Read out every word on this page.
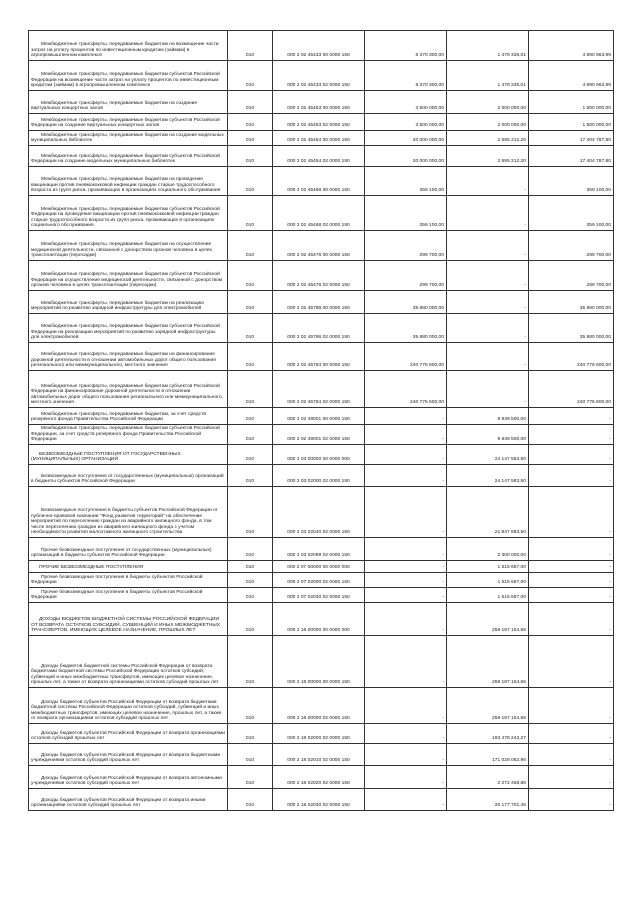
Межбюджетные трансферты, передаваемые бюджетам на возмещение части затрат на уплату процентов по инвестиционным кредитам (займам) в агропромышленном комплексе	010	000 2 02 45433 00 0000 150	6 370 300,00	1 479 336,01	4 890 963,99
Межбюджетные трансферты, передаваемые бюджетам субъектов Российской Федерации на возмещение части затрат на уплату процентов по инвестиционным кредитам (займам) в агропромышленном комплексе	010	000 2 02 45433 02 0000 150	6 370 300,00	1 479 336,01	4 890 963,99
Межбюджетные трансферты, передаваемые бюджетам на создание виртуальных концертных залов	010	000 2 02 45453 00 0000 150	3 500 000,00	2 000 000,00	1 500 000,00
Межбюджетные трансферты, передаваемые бюджетам субъектов Российской Федерации на создание виртуальных концертных залов	010	000 2 02 45453 02 0000 150	3 500 000,00	2 000 000,00	1 500 000,00
Межбюджетные трансферты, передаваемые бюджетам на создание модельных муниципальных библиотек	010	000 2 02 45454 00 0000 150	20 000 000,00	2 595 212,20	17 404 787,80
Межбюджетные трансферты, передаваемые бюджетам субъектов Российской Федерации на создание модельных муниципальных библиотек	010	000 2 02 45454 02 0000 150	20 000 000,00	2 595 212,20	17 404 787,80
Межбюджетные трансферты, передаваемые бюджетам на проведение вакцинации против пневмококковой инфекции граждан старше трудоспособного возраста из групп риска, проживающих в организациях социального обслуживания	010	000 2 02 45468 00 0000 150	359 100,00	-	359 100,00
Межбюджетные трансферты, передаваемые бюджетам субъектов Российской Федерации на проведение вакцинации против пневмококковой инфекции граждан старше трудоспособного возраста из групп риска, проживающих в организациях социального обслуживания	010	000 2 02 45468 02 0000 150	359 100,00	-	359 100,00
Межбюджетные трансферты, передаваемые бюджетам на осуществление медицинской деятельности, связанной с донорством органов человека в целях трансплантации (пересадки)	010	000 2 02 45476 00 0000 150	299 700,00	-	299 700,00
Межбюджетные трансферты, передаваемые бюджетам субъектов Российской Федерации на осуществление медицинской деятельности, связанной с донорством органов человека в целях трансплантации (пересадки)	010	000 2 02 45476 02 0000 150	299 700,00	-	299 700,00
Межбюджетные трансферты, передаваемые бюджетам на реализацию мероприятий по развитию зарядной инфраструктуры для электромобилей	010	000 2 02 45786 00 0000 150	35 880 000,00	-	35 880 000,00
Межбюджетные трансферты, передаваемые бюджетам субъектов Российской Федерации на реализацию мероприятий по развитию зарядной инфраструктуры для электромобилей	010	000 2 02 45786 02 0000 150	35 880 000,00	-	35 880 000,00
Межбюджетные трансферты, передаваемые бюджетам на финансирование дорожной деятельности в отношении автомобильных дорог общего пользования регионального или межмуниципального, местного значения	010	000 2 02 45784 00 0000 150	240 776 600,00	-	240 776 600,00
Межбюджетные трансферты, передаваемые бюджетам субъектов Российской Федерации на финансирование дорожной деятельности в отношении автомобильных дорог общего пользования регионального или межмуниципального, местного значения	010	000 2 02 45784 02 0000 150	240 776 600,00	-	240 776 600,00
Межбюджетные трансферты, передаваемые бюджетам, за счет средств резервного фонда Правительства Российской Федерации	010	000 2 02 49001 00 0000 150	-	9 849 500,00	-
Межбюджетные трансферты, передаваемые бюджетам субъектов Российской Федерации, за счет средств резервного фонда Правительства Российской Федерации	010	000 2 02 49001 02 0000 150	-	9 849 500,00	-
БЕЗВОЗМЕЗДНЫЕ ПОСТУПЛЕНИЯ ОТ ГОСУДАРСТВЕННЫХ (МУНИЦИПАЛЬНЫХ) ОРГАНИЗАЦИЙ	010	000 2 03 00000 00 0000 000	-	24 147 583,50	-
Безвозмездные поступления от государственных (муниципальных) организаций в бюджеты субъектов Российской Федерации	010	000 2 03 02000 02 0000 150	-	24 147 583,50	-
Безвозмездные поступления в бюджеты субъектов Российской Федерации от публично-правовой компании "Фонд развития территорий" на обеспечение мероприятий по переселению граждан из аварийного жилищного фонда, в том числе переселению граждан из аварийного жилищного фонда с учетом необходимости развития малоэтажного жилищного строительства	010	000 2 03 02040 02 0000 150	-	21 847 583,50	-
Прочие безвозмездные поступления от государственных (муниципальных) организаций в бюджеты субъектов Российской Федерации	010	000 2 03 02099 02 0000 150	-	2 300 000,00	-
ПРОЧИЕ БЕЗВОЗМЕЗДНЫЕ ПОСТУПЛЕНИЯ	010	000 2 07 00000 00 0000 000	-	1 515 687,00	-
Прочие безвозмездные поступления в бюджеты субъектов Российской Федерации	010	000 2 07 02000 02 0000 150	-	1 515 687,00	-
Прочие безвозмездные поступления в бюджеты субъектов Российской Федерации	010	000 2 07 02030 02 0000 150	-	1 515 687,00	-
ДОХОДЫ БЮДЖЕТОВ БЮДЖЕТНОЙ СИСТЕМЫ РОССИЙСКОЙ ФЕДЕРАЦИИ ОТ ВОЗВРАТА ОСТАТКОВ СУБСИДИЙ, СУБВЕНЦИЙ И ИНЫХ МЕЖБЮДЖЕТНЫХ ТРАНСФЕРТОВ, ИМЕЮЩИХ ЦЕЛЕВОЕ НАЗНАЧЕНИЕ, ПРОШЛЫХ ЛЕТ	010	000 2 18 00000 00 0000 000	-	259 187 154,65	-
Доходы бюджетов бюджетной системы Российской Федерации от возврата бюджетами бюджетной системы Российской Федерации остатков субсидий, субвенций и иных межбюджетных трансфертов, имеющих целевое назначение, прошлых лет, а также от возврата организациями остатков субсидий прошлых лет	010	000 2 18 00000 00 0000 150	-	259 187 154,65	-
Доходы бюджетов субъектов Российской Федерации от возврата бюджетами бюджетной системы Российской Федерации остатков субсидий, субвенций и иных межбюджетных трансфертов, имеющих целевое назначение, прошлых лет, а также от возврата организациями остатков субсидий прошлых лет	010	000 2 18 00000 02 0000 150	-	259 187 154,65	-
Доходы бюджетов субъектов Российской Федерации от возврата организациями остатков субсидий прошлых лет	010	000 2 18 02000 02 0000 150	-	193 478 243,27	-
Доходы бюджетов субъектов Российской Федерации от возврата бюджетными учреждениями остатков субсидий прошлых лет	010	000 2 18 02010 02 0000 150	-	171 028 062,96	-
Доходы бюджетов субъектов Российской Федерации от возврата автономными учреждениями остатков субсидий прошлых лет	010	000 2 18 02020 02 0000 150	-	2 272 468,86	-
Доходы бюджетов субъектов Российской Федерации от возврата иными организациями остатков субсидий прошлых лет	010	000 2 18 02030 02 0000 150	-	20 177 701,45	-
